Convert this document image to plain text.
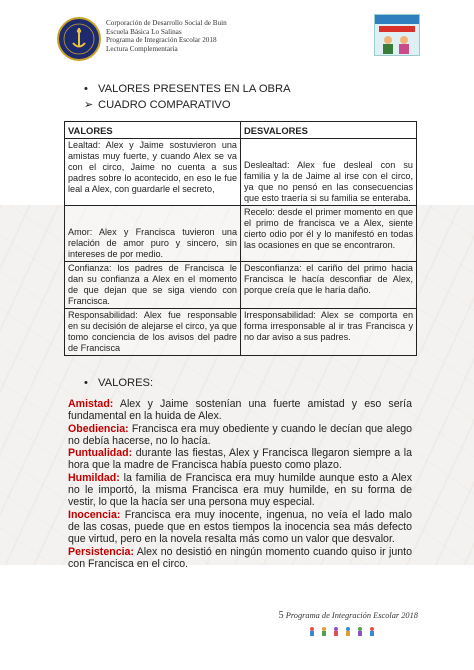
Corporación de Desarrollo Social de Buin
Escuela Básica Lo Salinas
Programa de Integración Escolar 2018
Lectura Complementaria
• VALORES PRESENTES EN LA OBRA
➢ CUADRO COMPARATIVO
VALORES	DESVALORES
Lealtad: Alex y Jaime sostuvieron una amistas muy fuerte, y cuando Alex se va con el circo, Jaime no cuenta a sus padres sobre lo acontecido, en eso le fue leal a Alex, con guardarle el secreto,	Deslealtad: Alex fue desleal con su familia y la de Jaime al irse con el circo, ya que no pensó en las consecuencias que esto traería si su familia se enteraba.
Amor: Alex y Francisca tuvieron una relación de amor puro y sincero, sin intereses de por medio.	Recelo: desde el primer momento en que el primo de francisca ve a Alex, siente cierto odio por él y lo manifestó en todas las ocasiones en que se encontraron.
Confianza: los padres de Francisca le dan su confianza a Alex en el momento de que dejan que se siga viendo con Francisca.	Desconfianza: el cariño del primo hacia Francisca le hacía desconfiar de Alex, porque creía que le haría daño.
Responsabilidad: Alex fue responsable en su decisión de alejarse el circo, ya que tomo conciencia de los avisos del padre de Francisca	Irresponsabilidad: Alex se comporta en forma irresponsable al ir tras Francisca y no dar aviso a sus padres.
• VALORES:

Amistad: Alex y Jaime sostenían una fuerte amistad y eso sería fundamental en la huida de Alex.

Obediencia: Francisca era muy obediente y cuando le decían que alego no debía hacerse, no lo hacía.

Puntualidad: durante las fiestas, Alex y Francisca llegaron siempre a la hora que la madre de Francisca había puesto como plazo.

Humildad: la familia de Francisca era muy humilde aunque esto a Alex no le importó, la misma Francisca era muy humilde, en su forma de vestir, lo que la hacía ser una persona muy especial.

Inocencia: Francisca era muy inocente, ingenua, no veía el lado malo de las cosas, puede que en estos tiempos la inocencia sea más defecto que virtud, pero en la novela resalta más como un valor que desvalor.

Persistencia: Alex no desistió en ningún momento cuando quiso ir junto con Francisca en el circo.

5 Programa de Integración Escolar 2018
